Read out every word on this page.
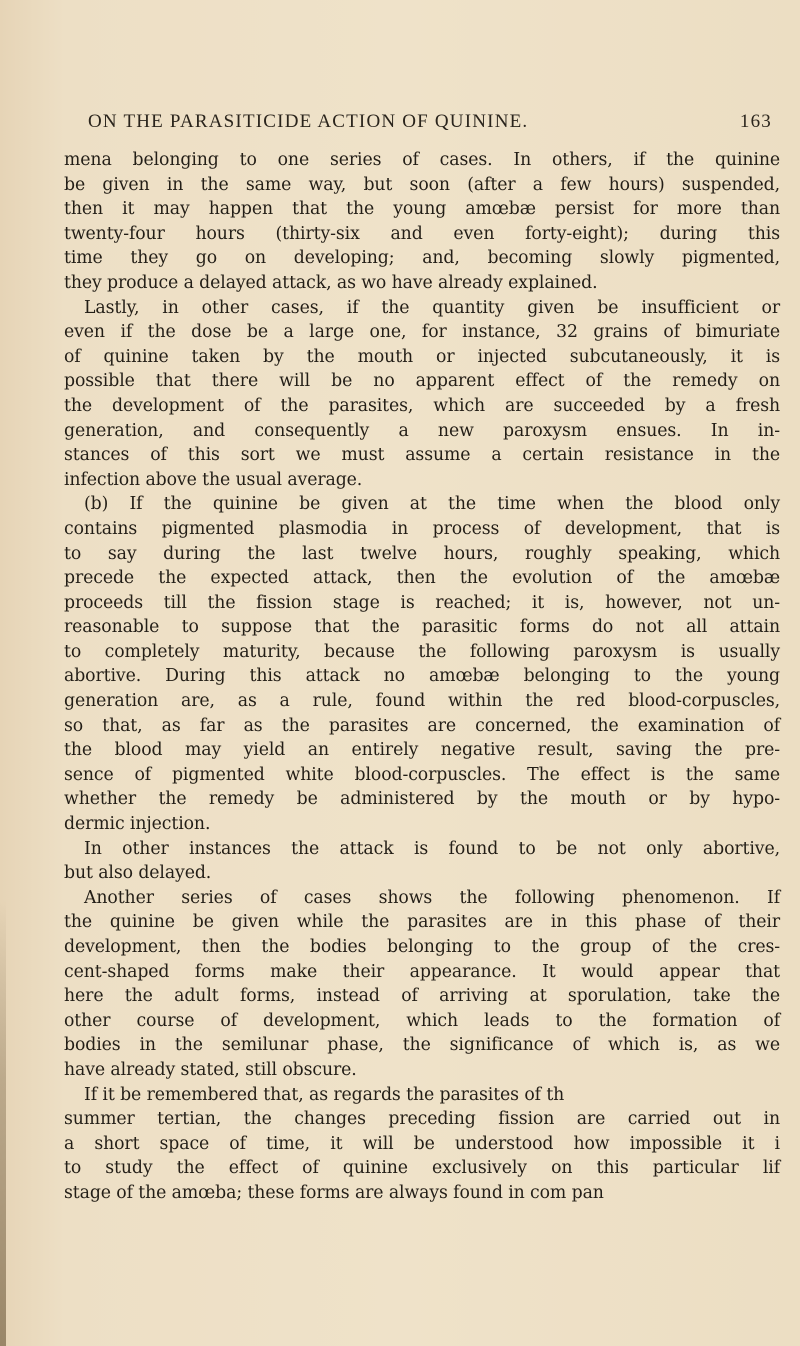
ON THE PARASITICIDE ACTION OF QUININE.	163
mena belonging to one series of cases. In others, if the quinine
be given in the same way, but soon (after a few hours) suspended,
then it may happen that the young amœbæ persist for more than
twenty-four hours (thirty-six and even forty-eight); during this
time they go on developing; and, becoming slowly pigmented,
they produce a delayed attack, as wo have already explained.
Lastly, in other cases, if the quantity given be insufficient or
even if the dose be a large one, for instance, 32 grains of bimuriate
of quinine taken by the mouth or injected subcutaneously, it is
possible that there will be no apparent effect of the remedy on
the development of the parasites, which are succeeded by a fresh
generation, and consequently a new paroxysm ensues. In in-
stances of this sort we must assume a certain resistance in the
infection above the usual average.
(b) If the quinine be given at the time when the blood only
contains pigmented plasmodia in process of development, that is
to say during the last twelve hours, roughly speaking, which
precede the expected attack, then the evolution of the amœbæ
proceeds till the fission stage is reached; it is, however, not un-
reasonable to suppose that the parasitic forms do not all attain
to completely maturity, because the following paroxysm is usually
abortive. During this attack no amœbæ belonging to the young
generation are, as a rule, found within the red blood-corpuscles,
so that, as far as the parasites are concerned, the examination of
the blood may yield an entirely negative result, saving the pre-
sence of pigmented white blood-corpuscles. The effect is the same
whether the remedy be administered by the mouth or by hypo-
dermic injection.
In other instances the attack is found to be not only abortive,
but also delayed.
Another series of cases shows the following phenomenon. If
the quinine be given while the parasites are in this phase of their
development, then the bodies belonging to the group of the cres-
cent-shaped forms make their appearance. It would appear that
here the adult forms, instead of arriving at sporulation, take the
other course of development, which leads to the formation of
bodies in the semilunar phase, the significance of which is, as we
have already stated, still obscure.
If it be remembered that, as regards the parasites of th
summer tertian, the changes preceding fission are carried out in
a short space of time, it will be understood how impossible it i
to study the effect of quinine exclusively on this particular lif
stage of the amœba; these forms are always found in com pan
